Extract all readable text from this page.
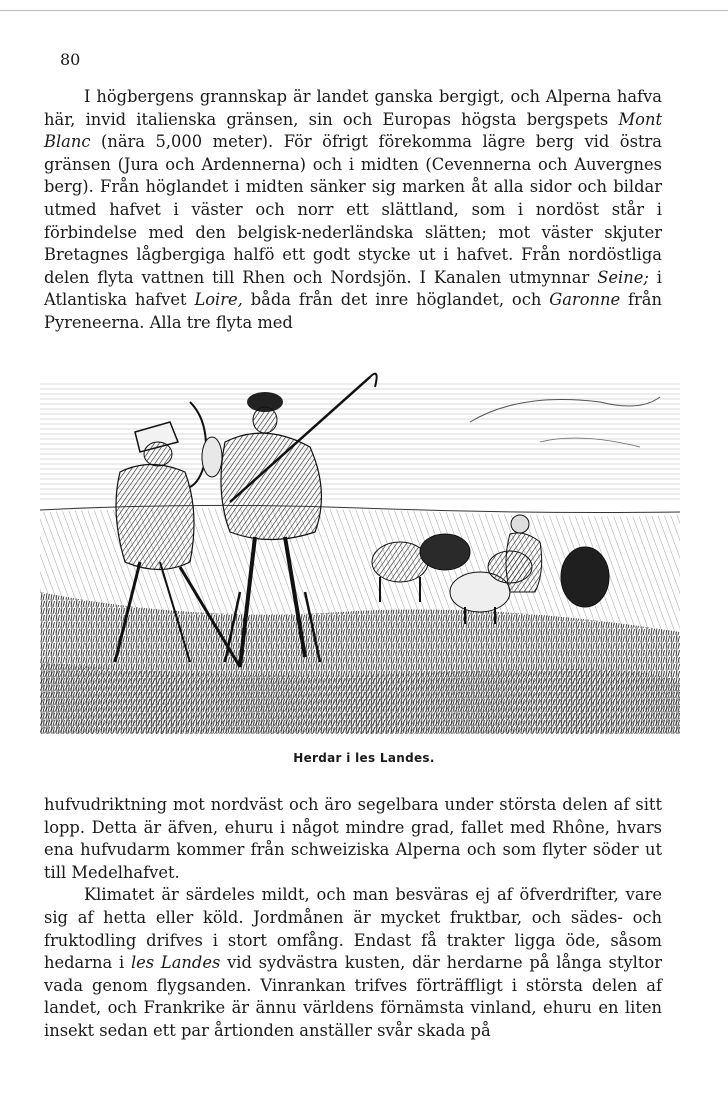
80

I högbergens grannskap är landet ganska bergigt, och Alperna hafva här, invid italienska gränsen, sin och Europas högsta bergspets Mont Blanc (nära 5,000 meter). För öfrigt förekomma lägre berg vid östra gränsen (Jura och Ardennerna) och i midten (Cevennerna och Auvergnes berg). Från höglandet i midten sänker sig marken åt alla sidor och bildar utmed hafvet i väster och norr ett slättland, som i nordöst står i förbindelse med den belgisk-nederländska slätten; mot väster skjuter Bretagnes lågbergiga halfö ett godt stycke ut i hafvet. Från nordöstliga delen flyta vattnen till Rhen och Nordsjön. I Kanalen utmynnar Seine; i Atlantiska hafvet Loire, båda från det inre höglandet, och Garonne från Pyreneerna. Alla tre flyta med

Herdar i les Landes.

hufvudriktning mot nordväst och äro segelbara under största delen af sitt lopp. Detta är äfven, ehuru i något mindre grad, fallet med Rhône, hvars ena hufvudarm kommer från schweiziska Alperna och som flyter söder ut till Medelhafvet.

Klimatet är särdeles mildt, och man besväras ej af öfverdrifter, vare sig af hetta eller köld. Jordmånen är mycket fruktbar, och sädes- och fruktodling drifves i stort omfång. Endast få trakter ligga öde, såsom hedarna i les Landes vid sydvästra kusten, där herdarne på långa styltor vada genom flygsanden. Vinrankan trifves förträffligt i största delen af landet, och Frankrike är ännu världens förnämsta vinland, ehuru en liten insekt sedan ett par årtionden anställer svår skada på
